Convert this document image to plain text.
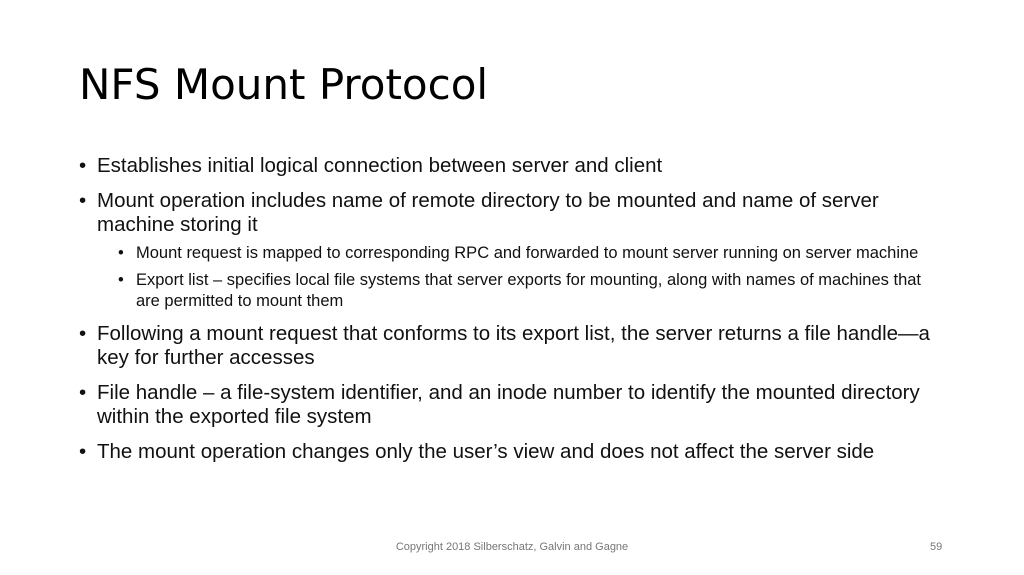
NFS Mount Protocol
• Establishes initial logical connection between server and client
• Mount operation includes name of remote directory to be mounted and name of server machine storing it
• Mount request is mapped to corresponding RPC and forwarded to mount server running on server machine
• Export list – specifies local file systems that server exports for mounting, along with names of machines that are permitted to mount them
• Following a mount request that conforms to its export list, the server returns a file handle—a key for further accesses
• File handle – a file-system identifier, and an inode number to identify the mounted directory within the exported file system
• The mount operation changes only the user’s view and does not affect the server side
Copyright 2018 Silberschatz, Galvin and Gagne	59
